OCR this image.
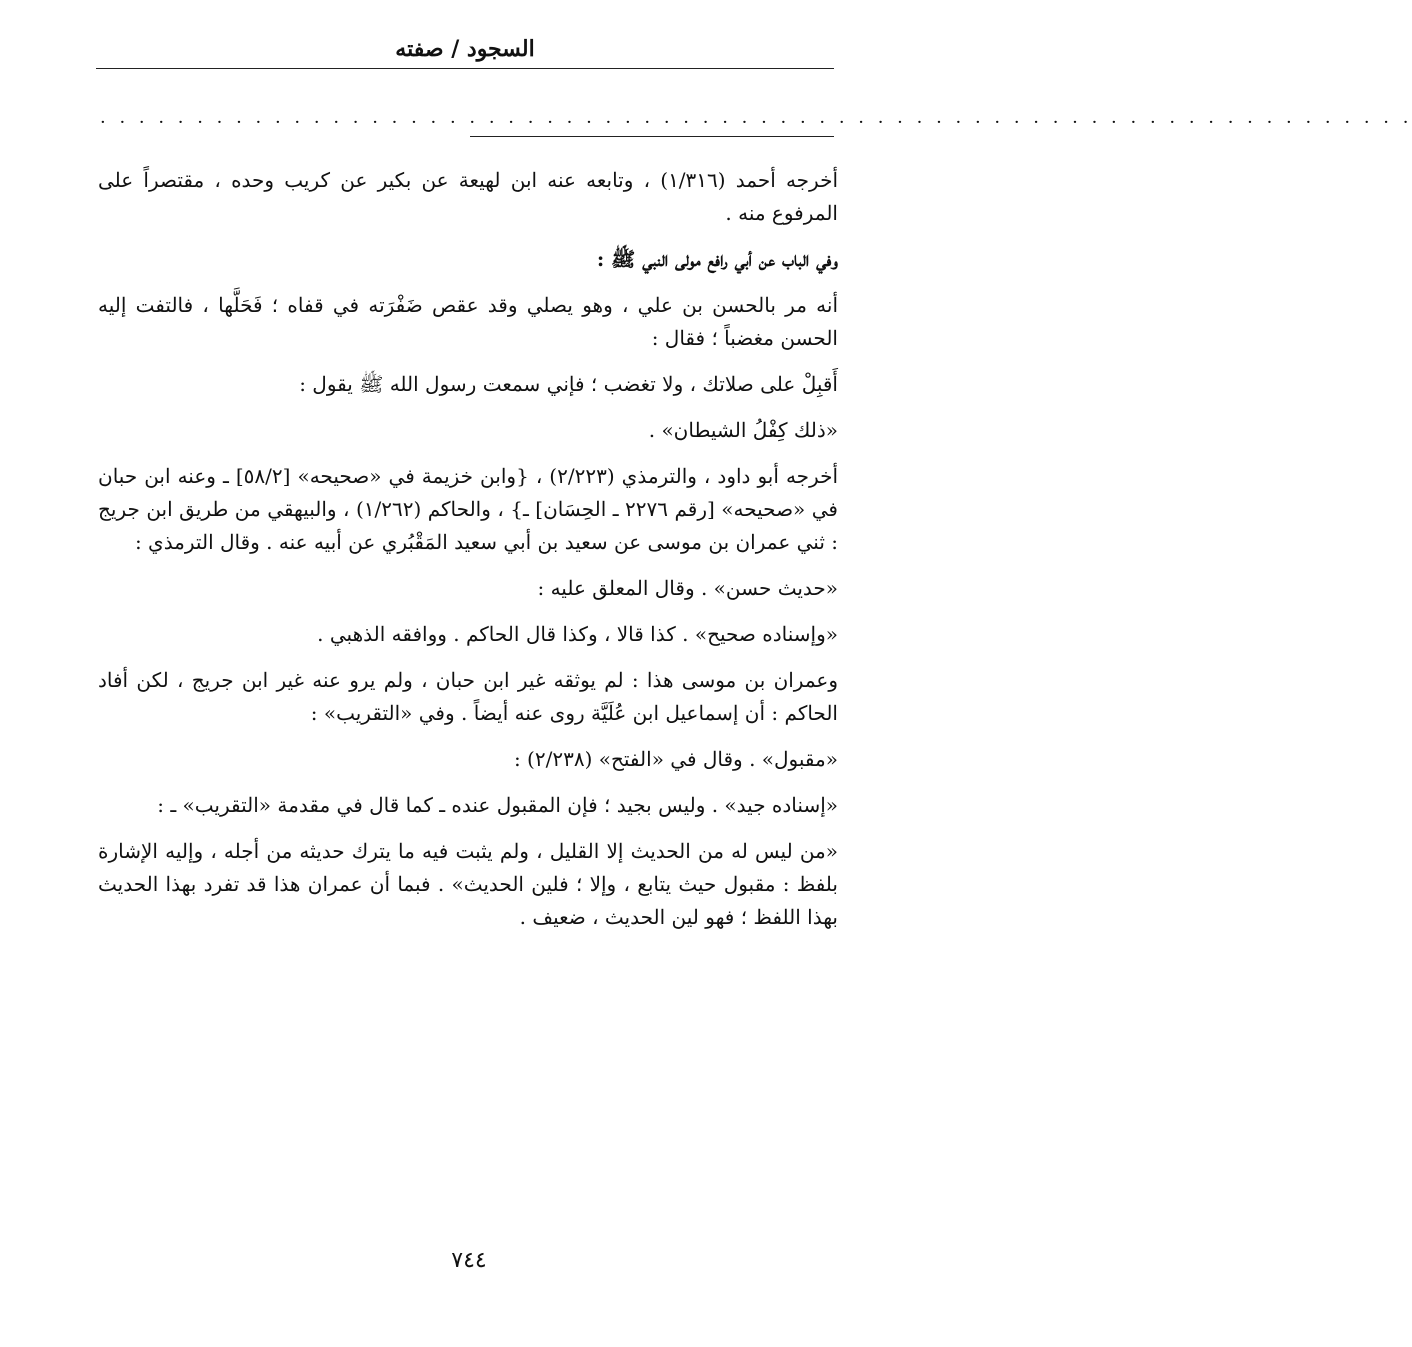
السجود / صفته
· · · · · · · · · · · · · · · · · · · · · · · · · · · · · · · · · · · · · · · · · · · · · · · · · · · · · · · · · · · · · · · · · · · ·

أخرجه أحمد (١/٣١٦) ، وتابعه عنه ابن لهيعة عن بكير عن كريب وحده ، مقتصراً على المرفوع منه .

وفي الباب عن أبي رافع مولى النبي ﷺ :

أنه مر بالحسن بن علي ، وهو يصلي وقد عقص ضَفْرَته في قفاه ؛ فَحَلَّها ، فالتفت إليه الحسن مغضباً ؛ فقال :

أَقبِلْ على صلاتك ، ولا تغضب ؛ فإني سمعت رسول الله ﷺ يقول :

«ذلك كِفْلُ الشيطان» .

أخرجه أبو داود ، والترمذي (٢/٢٢٣) ، {وابن خزيمة في «صحيحه» [٥٨/٢] ـ وعنه ابن حبان في «صحيحه» [رقم ٢٢٧٦ ـ الحِسَان] ـ} ، والحاكم (١/٢٦٢) ، والبيهقي من طريق ابن جريج : ثني عمران بن موسى عن سعيد بن أبي سعيد المَقْبُري عن أبيه عنه . وقال الترمذي :

«حديث حسن» . وقال المعلق عليه :

«وإسناده صحيح» . كذا قالا ، وكذا قال الحاكم . ووافقه الذهبي .

وعمران بن موسى هذا : لم يوثقه غير ابن حبان ، ولم يرو عنه غير ابن جريج ، لكن أفاد الحاكم : أن إسماعيل ابن عُلَيَّة روى عنه أيضاً . وفي «التقريب» :

«مقبول» . وقال في «الفتح» (٢/٢٣٨) :

«إسناده جيد» . وليس بجيد ؛ فإن المقبول عنده ـ كما قال في مقدمة «التقريب» ـ :

«من ليس له من الحديث إلا القليل ، ولم يثبت فيه ما يترك حديثه من أجله ، وإليه الإشارة بلفظ : مقبول حيث يتابع ، وإلا ؛ فلين الحديث» . فبما أن عمران هذا قد تفرد بهذا الحديث بهذا اللفظ ؛ فهو لين الحديث ، ضعيف .

٧٤٤
